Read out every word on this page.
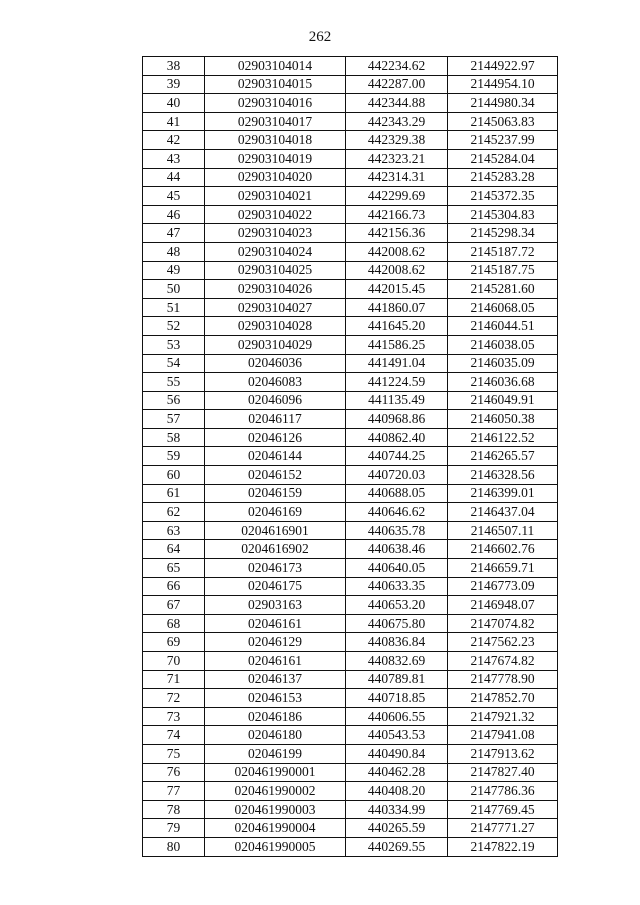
262
38	02903104014	442234.62	2144922.97
39	02903104015	442287.00	2144954.10
40	02903104016	442344.88	2144980.34
41	02903104017	442343.29	2145063.83
42	02903104018	442329.38	2145237.99
43	02903104019	442323.21	2145284.04
44	02903104020	442314.31	2145283.28
45	02903104021	442299.69	2145372.35
46	02903104022	442166.73	2145304.83
47	02903104023	442156.36	2145298.34
48	02903104024	442008.62	2145187.72
49	02903104025	442008.62	2145187.75
50	02903104026	442015.45	2145281.60
51	02903104027	441860.07	2146068.05
52	02903104028	441645.20	2146044.51
53	02903104029	441586.25	2146038.05
54	02046036	441491.04	2146035.09
55	02046083	441224.59	2146036.68
56	02046096	441135.49	2146049.91
57	02046117	440968.86	2146050.38
58	02046126	440862.40	2146122.52
59	02046144	440744.25	2146265.57
60	02046152	440720.03	2146328.56
61	02046159	440688.05	2146399.01
62	02046169	440646.62	2146437.04
63	0204616901	440635.78	2146507.11
64	0204616902	440638.46	2146602.76
65	02046173	440640.05	2146659.71
66	02046175	440633.35	2146773.09
67	02903163	440653.20	2146948.07
68	02046161	440675.80	2147074.82
69	02046129	440836.84	2147562.23
70	02046161	440832.69	2147674.82
71	02046137	440789.81	2147778.90
72	02046153	440718.85	2147852.70
73	02046186	440606.55	2147921.32
74	02046180	440543.53	2147941.08
75	02046199	440490.84	2147913.62
76	020461990001	440462.28	2147827.40
77	020461990002	440408.20	2147786.36
78	020461990003	440334.99	2147769.45
79	020461990004	440265.59	2147771.27
80	020461990005	440269.55	2147822.19
